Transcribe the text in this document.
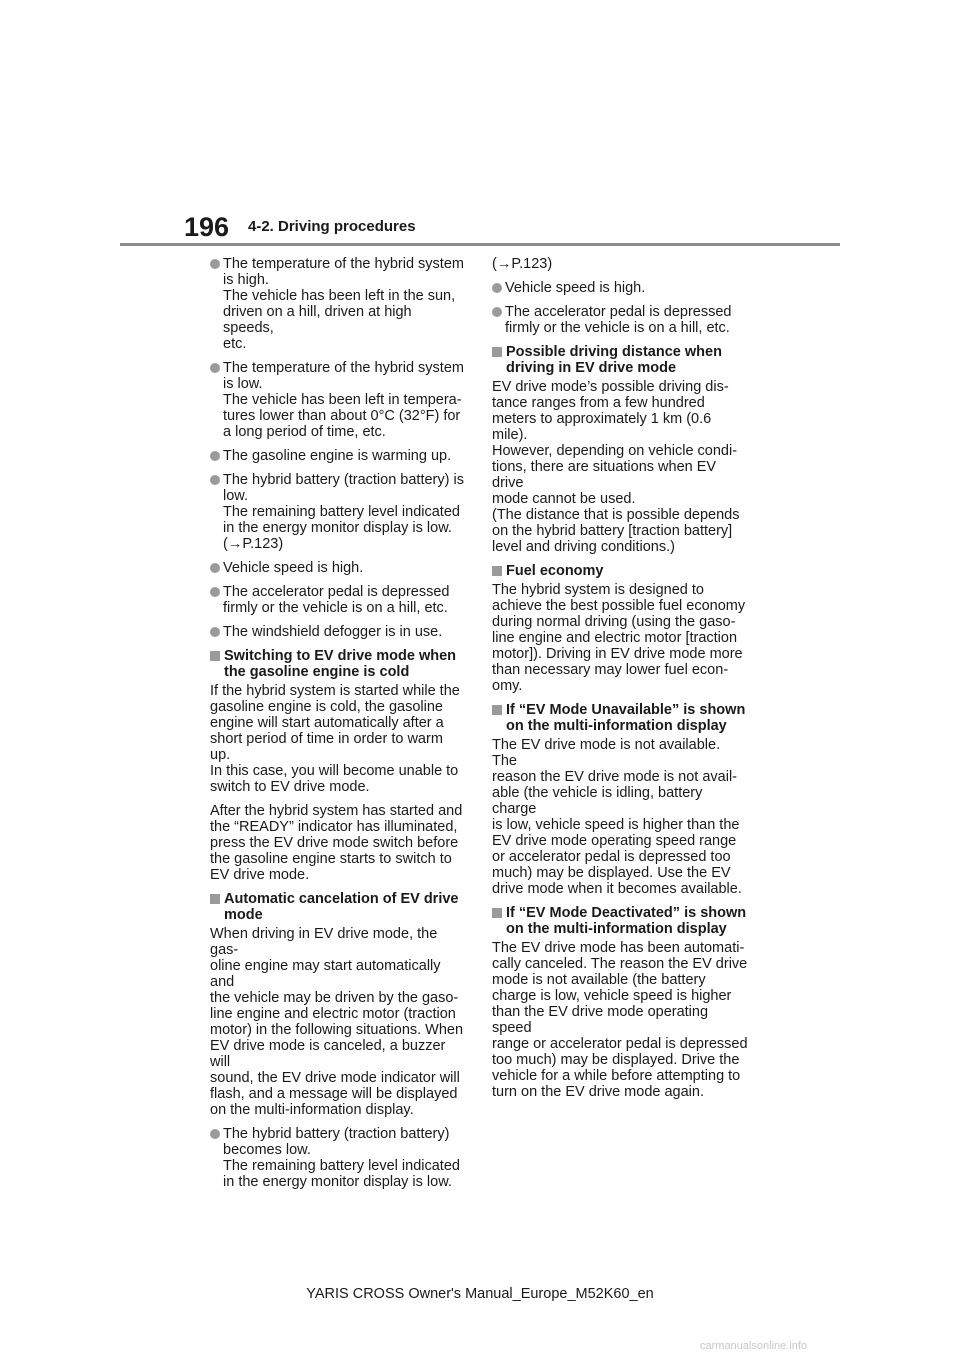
196 4-2. Driving procedures
The temperature of the hybrid system
is high.
The vehicle has been left in the sun,
driven on a hill, driven at high speeds,
etc.
The temperature of the hybrid system
is low.
The vehicle has been left in tempera-
tures lower than about 0°C (32°F) for
a long period of time, etc.
The gasoline engine is warming up.
The hybrid battery (traction battery) is
low.
The remaining battery level indicated
in the energy monitor display is low.
(→P.123)
Vehicle speed is high.
The accelerator pedal is depressed
firmly or the vehicle is on a hill, etc.
The windshield defogger is in use.
Switching to EV drive mode when
the gasoline engine is cold
If the hybrid system is started while the
gasoline engine is cold, the gasoline
engine will start automatically after a
short period of time in order to warm up.
In this case, you will become unable to
switch to EV drive mode.
After the hybrid system has started and
the “READY” indicator has illuminated,
press the EV drive mode switch before
the gasoline engine starts to switch to
EV drive mode.
Automatic cancelation of EV drive
mode
When driving in EV drive mode, the gas-
oline engine may start automatically and
the vehicle may be driven by the gaso-
line engine and electric motor (traction
motor) in the following situations. When
EV drive mode is canceled, a buzzer will
sound, the EV drive mode indicator will
flash, and a message will be displayed
on the multi-information display.
The hybrid battery (traction battery)
becomes low.
The remaining battery level indicated
in the energy monitor display is low.
(→P.123)
Vehicle speed is high.
The accelerator pedal is depressed
firmly or the vehicle is on a hill, etc.
Possible driving distance when
driving in EV drive mode
EV drive mode’s possible driving dis-
tance ranges from a few hundred
meters to approximately 1 km (0.6 mile).
However, depending on vehicle condi-
tions, there are situations when EV drive
mode cannot be used.
(The distance that is possible depends
on the hybrid battery [traction battery]
level and driving conditions.)
Fuel economy
The hybrid system is designed to
achieve the best possible fuel economy
during normal driving (using the gaso-
line engine and electric motor [traction
motor]). Driving in EV drive mode more
than necessary may lower fuel econ-
omy.
If “EV Mode Unavailable” is shown
on the multi-information display
The EV drive mode is not available. The
reason the EV drive mode is not avail-
able (the vehicle is idling, battery charge
is low, vehicle speed is higher than the
EV drive mode operating speed range
or accelerator pedal is depressed too
much) may be displayed. Use the EV
drive mode when it becomes available.
If “EV Mode Deactivated” is shown
on the multi-information display
The EV drive mode has been automati-
cally canceled. The reason the EV drive
mode is not available (the battery
charge is low, vehicle speed is higher
than the EV drive mode operating speed
range or accelerator pedal is depressed
too much) may be displayed. Drive the
vehicle for a while before attempting to
turn on the EV drive mode again.
YARIS CROSS Owner's Manual_Europe_M52K60_en
carmanualsonline.info
